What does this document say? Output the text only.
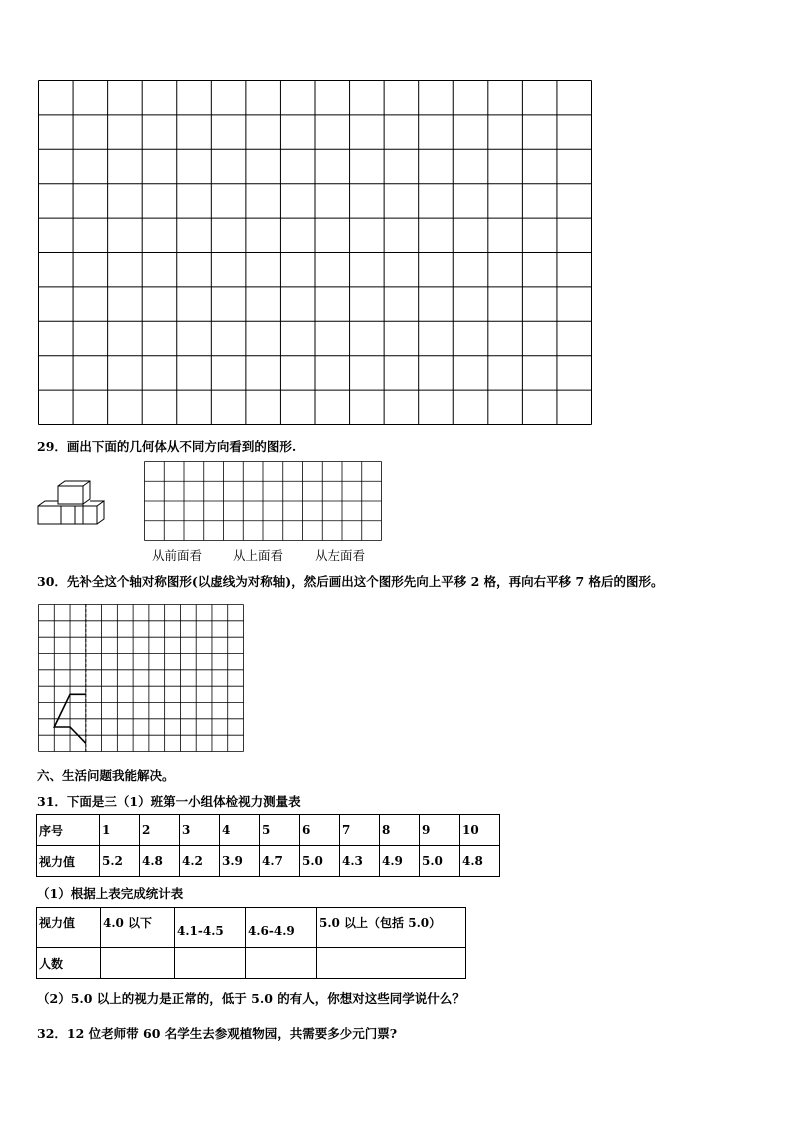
29．画出下面的几何体从不同方向看到的图形.
从前面看 从上面看	从左面看
30．先补全这个轴对称图形(以虚线为对称轴)，然后画出这个图形先向上平移 2 格，再向右平移 7 格后的图形。
六、生活问题我能解决。
31．下面是三（1）班第一小组体检视力测量表
序号	1	2	3	4	5	6	7	8	9	10
视力值	5.2	4.8	4.2	3.9	4.7	5.0	4.3	4.9	5.0	4.8
（1）根据上表完成统计表
视力值	4.0 以下	4.1-4.5	4.6-4.9	5.0 以上（包括 5.0）
人数				
（2）5.0 以上的视力是正常的，低于 5.0 的有人，你想对这些同学说什么？
32．12 位老师带 60 名学生去参观植物园，共需要多少元门票?
